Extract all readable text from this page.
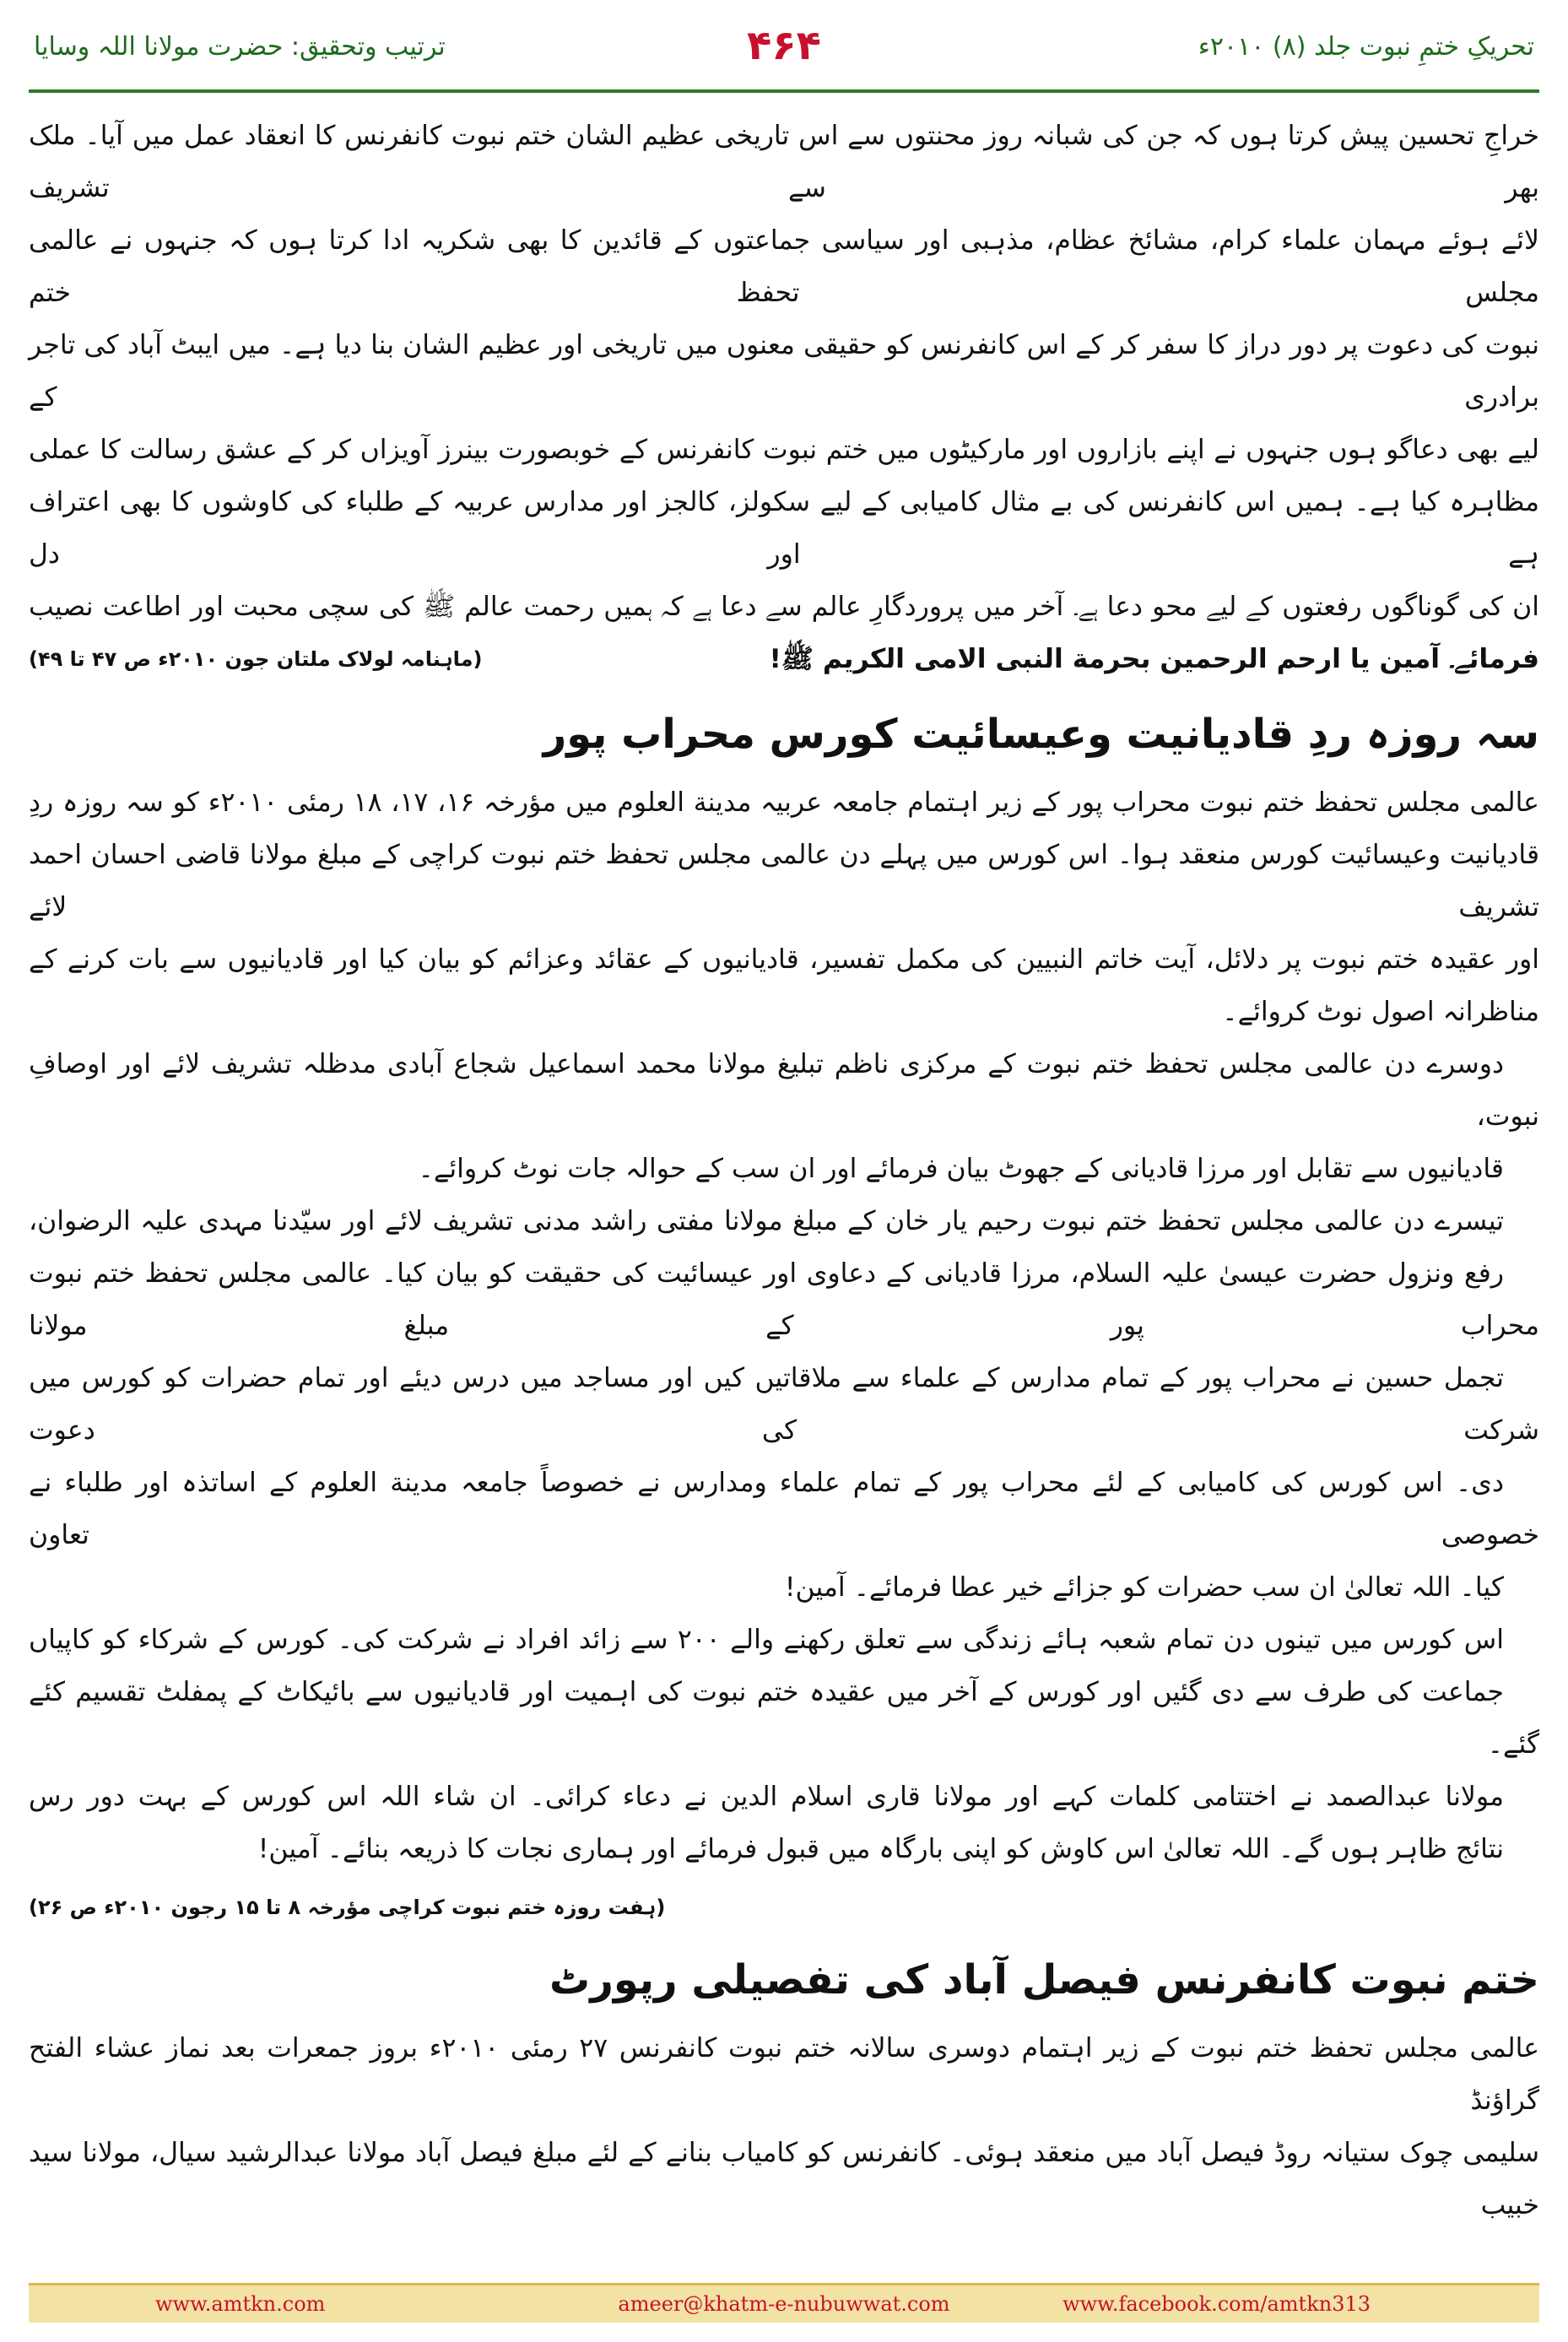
تحریکِ ختمِ نبوت جلد (۸) ۲۰۱۰ء
۴۶۴
ترتیب وتحقیق: حضرت مولانا اللہ وسایا

خراجِ تحسین پیش کرتا ہوں کہ جن کی شبانہ روز محنتوں سے اس تاریخی عظیم الشان ختم نبوت کانفرنس کا انعقاد عمل میں آیا۔ ملک بھر سے تشریف
لائے ہوئے مہمان علماء کرام، مشائخ عظام، مذہبی اور سیاسی جماعتوں کے قائدین کا بھی شکریہ ادا کرتا ہوں کہ جنہوں نے عالمی مجلس تحفظ ختم
نبوت کی دعوت پر دور دراز کا سفر کر کے اس کانفرنس کو حقیقی معنوں میں تاریخی اور عظیم الشان بنا دیا ہے۔ میں ایبٹ آباد کی تاجر برادری کے
لیے بھی دعاگو ہوں جنہوں نے اپنے بازاروں اور مارکیٹوں میں ختم نبوت کانفرنس کے خوبصورت بینرز آویزاں کر کے عشق رسالت کا عملی
مظاہرہ کیا ہے۔ ہمیں اس کانفرنس کی بے مثال کامیابی کے لیے سکولز، کالجز اور مدارس عربیہ کے طلباء کی کاوشوں کا بھی اعتراف ہے اور دل
ان کی گوناگوں رفعتوں کے لیے محو دعا ہے۔ آخر میں پروردگارِ عالم سے دعا ہے کہ ہمیں رحمت عالم ﷺ کی سچی محبت اور اطاعت نصیب

فرمائے۔ آمین یا ارحم الرحمین بحرمة النبی الامی الکریم ﷺ!
(ماہنامہ لولاک ملتان جون ۲۰۱۰ء ص ۴۷ تا ۴۹)

سہ روزہ ردِ قادیانیت وعیسائیت کورس محراب پور

عالمی مجلس تحفظ ختم نبوت محراب پور کے زیر اہتمام جامعہ عربیہ مدینة العلوم میں مؤرخہ ۱۶، ۱۷، ۱۸ رمئی ۲۰۱۰ء کو سہ روزہ ردِ
قادیانیت وعیسائیت کورس منعقد ہوا۔ اس کورس میں پہلے دن عالمی مجلس تحفظ ختم نبوت کراچی کے مبلغ مولانا قاضی احسان احمد تشریف لائے
اور عقیدہ ختم نبوت پر دلائل، آیت خاتم النبیین کی مکمل تفسیر، قادیانیوں کے عقائد وعزائم کو بیان کیا اور قادیانیوں سے بات کرنے کے
مناظرانہ اصول نوٹ کروائے۔

دوسرے دن عالمی مجلس تحفظ ختم نبوت کے مرکزی ناظم تبلیغ مولانا محمد اسماعیل شجاع آبادی مدظلہ تشریف لائے اور اوصافِ نبوت،
قادیانیوں سے تقابل اور مرزا قادیانی کے جھوٹ بیان فرمائے اور ان سب کے حوالہ جات نوٹ کروائے۔

تیسرے دن عالمی مجلس تحفظ ختم نبوت رحیم یار خان کے مبلغ مولانا مفتی راشد مدنی تشریف لائے اور سیّدنا مہدی علیہ الرضوان،
رفع ونزول حضرت عیسیٰ علیہ السلام، مرزا قادیانی کے دعاوی اور عیسائیت کی حقیقت کو بیان کیا۔ عالمی مجلس تحفظ ختم نبوت محراب پور کے مبلغ مولانا
تجمل حسین نے محراب پور کے تمام مدارس کے علماء سے ملاقاتیں کیں اور مساجد میں درس دیئے اور تمام حضرات کو کورس میں شرکت کی دعوت
دی۔ اس کورس کی کامیابی کے لئے محراب پور کے تمام علماء ومدارس نے خصوصاً جامعہ مدینة العلوم کے اساتذہ اور طلباء نے خصوصی تعاون
کیا۔ اللہ تعالیٰ ان سب حضرات کو جزائے خیر عطا فرمائے۔ آمین!

اس کورس میں تینوں دن تمام شعبہ ہائے زندگی سے تعلق رکھنے والے ۲۰۰ سے زائد افراد نے شرکت کی۔ کورس کے شرکاء کو کاپیاں
جماعت کی طرف سے دی گئیں اور کورس کے آخر میں عقیدہ ختم نبوت کی اہمیت اور قادیانیوں سے بائیکاٹ کے پمفلٹ تقسیم کئے گئے۔

مولانا عبدالصمد نے اختتامی کلمات کہے اور مولانا قاری اسلام الدین نے دعاء کرائی۔ ان شاء اللہ اس کورس کے بہت دور رس
نتائج ظاہر ہوں گے۔ اللہ تعالیٰ اس کاوش کو اپنی بارگاہ میں قبول فرمائے اور ہماری نجات کا ذریعہ بنائے۔ آمین!

(ہفت روزہ ختم نبوت کراچی مؤرخہ ۸ تا ۱۵ رجون ۲۰۱۰ء ص ۲۶)
ختم نبوت کانفرنس فیصل آباد کی تفصیلی رپورٹ

عالمی مجلس تحفظ ختم نبوت کے زیر اہتمام دوسری سالانہ ختم نبوت کانفرنس ۲۷ رمئی ۲۰۱۰ء بروز جمعرات بعد نماز عشاء الفتح گراؤنڈ
سلیمی چوک ستیانہ روڈ فیصل آباد میں منعقد ہوئی۔ کانفرنس کو کامیاب بنانے کے لئے مبلغ فیصل آباد مولانا عبدالرشید سیال، مولانا سید خبیب

www.amtkn.com	ameer@khatm-e-nubuwwat.com	www.facebook.com/amtkn313
